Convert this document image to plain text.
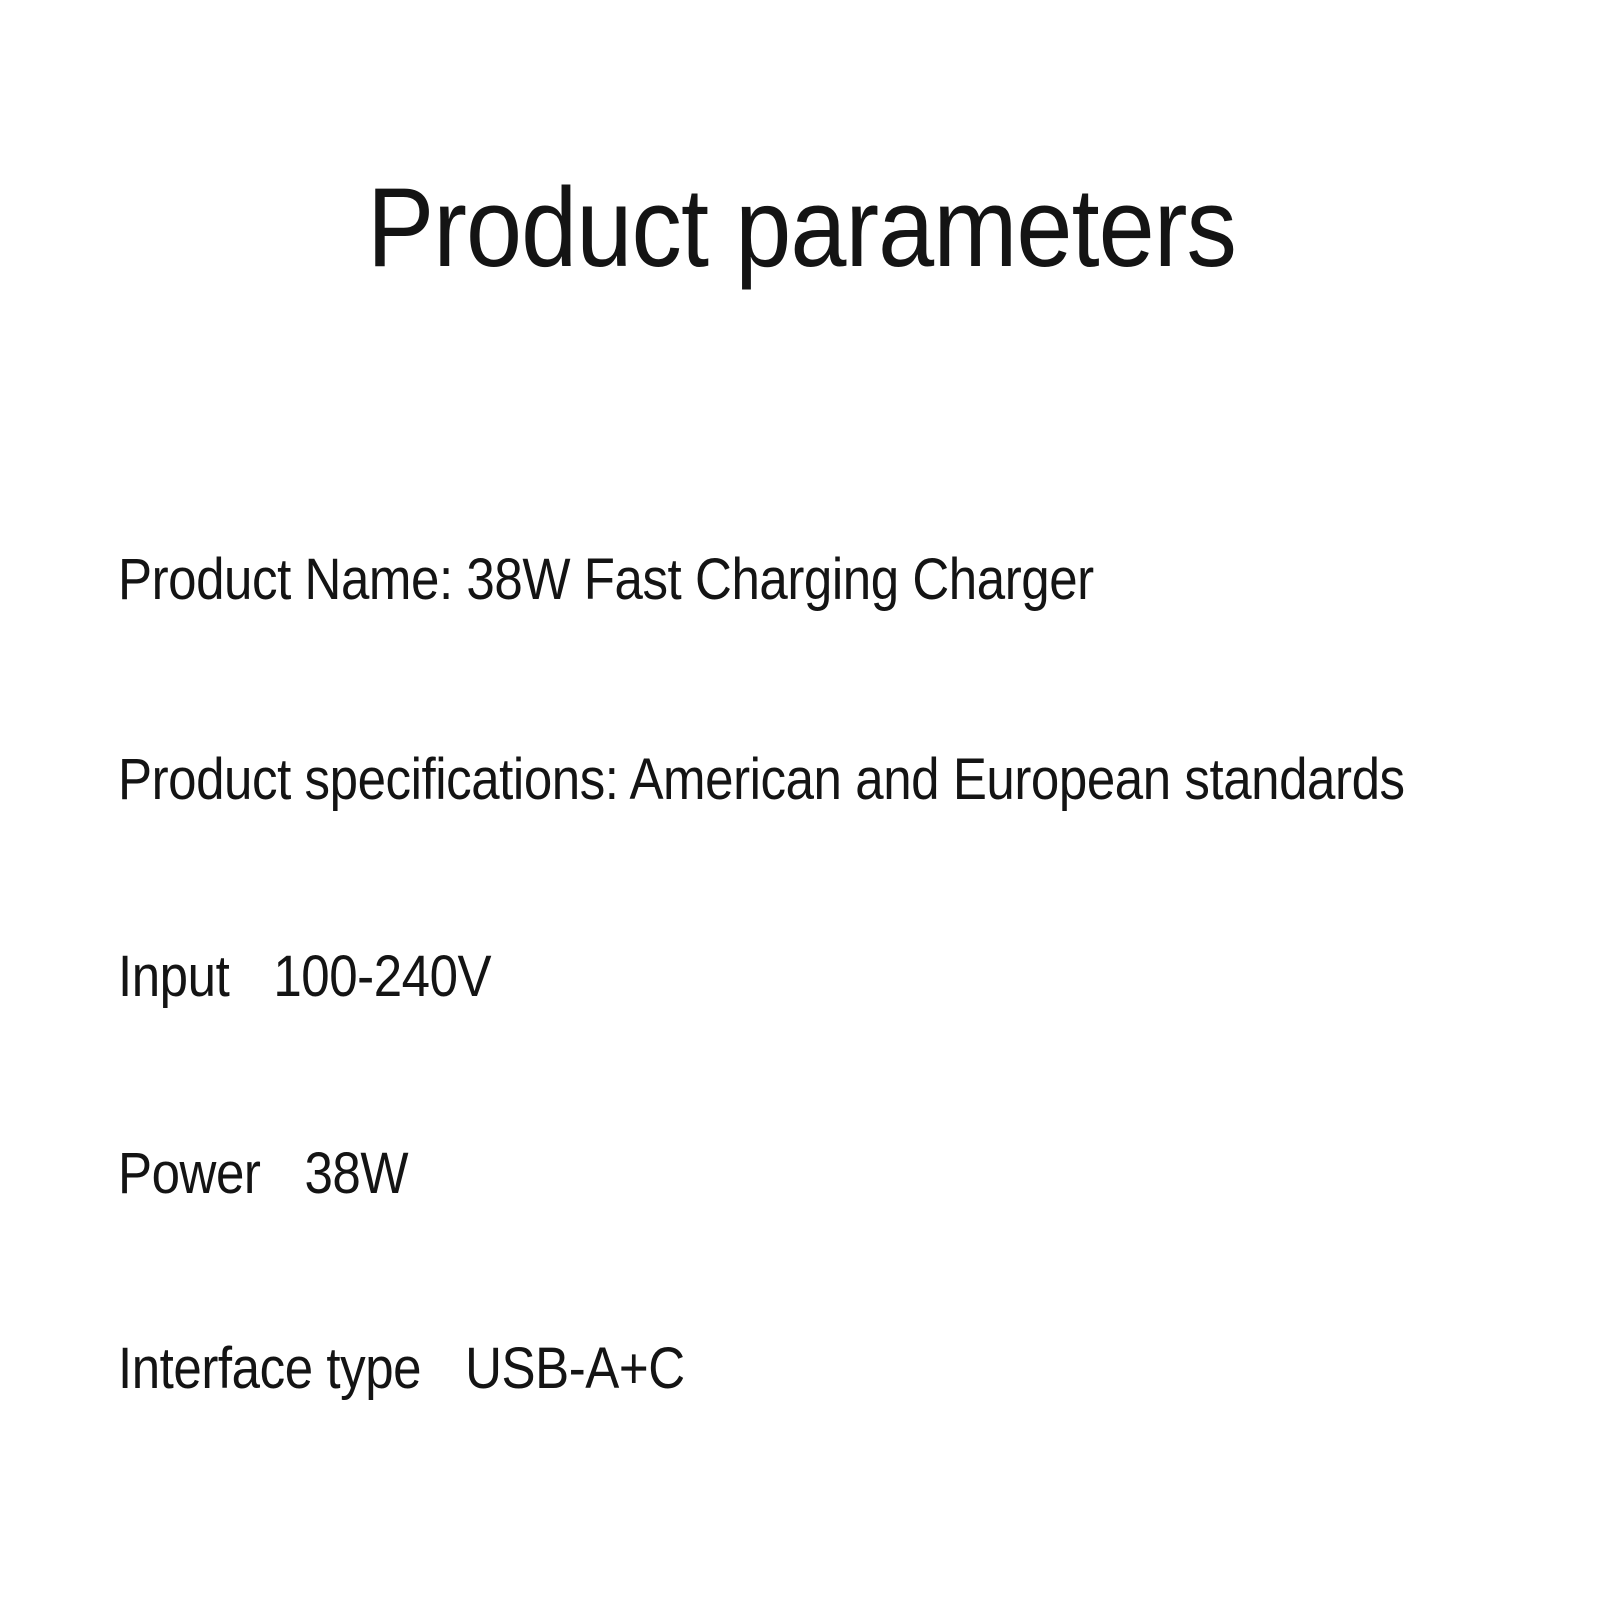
Product parameters

Product Name: 38W Fast Charging Charger

Product specifications: American and European standards

Input 100-240V

Power 38W

Interface type USB-A+C
